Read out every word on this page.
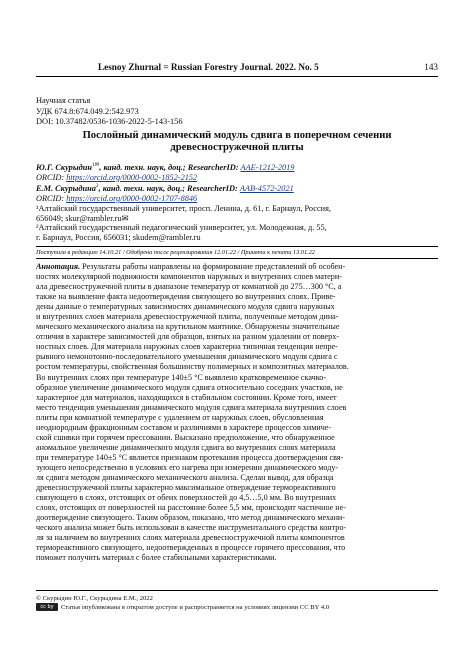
Lesnoy Zhurnal = Russian Forestry Journal. 2022. No. 5	143
Научная статья
УДК 674.8:674.049.2:542.973
DOI: 10.37482/0536-1036-2022-5-143-156
Послойный динамический модуль сдвига в поперечном сечении
древесностружечной плиты
Ю.Г. Скурыдин$^{1✉}$, канд. техн. наук, доц.; ResearcherID: AAE-1212-2019
ORCID: https://orcid.org/0000-0002-1852-2152
Е.М. Скурыдина$^2$, канд. техн. наук, доц.; ResearcherID: AAB-4572-2021
ORCID: https://orcid.org/0000-0002-1707-8846
¹Алтайский государственный университет, просп. Ленина, д. 61, г. Барнаул, Россия,
656049; skur@rambler.ru✉
²Алтайский государственный педагогический университет, ул. Молодежная, д. 55,
г. Барнаул, Россия, 656031; skudem@rambler.ru
Поступила в редакцию 14.10.21 / Одобрена после рецензирования 12.01.22 / Принята к печати 13.01.22
Аннотация. Результаты работы направлены на формирование представлений об особен-
ностях молекулярной подвижности компонентов наружных и внутренних слоев матери-
ала древесностружечной плиты в диапазоне температур от комнатной до 275…300 °С, а
также на выявление факта недоотверждения связующего во внутренних слоях. Приве-
дены данные о температурных зависимостях динамического модуля сдвига наружных
и внутренних слоев материала древесностружечной плиты, полученные методом дина-
мического механического анализа на крутильном маятнике. Обнаружены значительные
отличия в характере зависимостей для образцов, взятых на разном удалении от поверх-
ностных слоев. Для материала наружных слоев характерна типичная тенденция непре-
рывного немонотонно-последовательного уменьшения динамического модуля сдвига с
ростом температуры, свойственная большинству полимерных и композитных материалов.
Во внутренних слоях при температуре 140±5 °С выявлено кратковременное скачко-
образное увеличение динамического модуля сдвига относительно соседних участков, не
характерное для материалов, находящихся в стабильном состоянии. Кроме того, имеет
место тенденция уменьшения динамического модуля сдвига материала внутренних слоев
плиты при комнатной температуре с удалением от наружных слоев, обусловленная
неоднородным фракционным составом и различиями в характере процессов химиче-
ской сшивки при горячем прессовании. Высказано предположение, что обнаруженное
аномальное увеличение динамического модуля сдвига во внутренних слоях материала
при температуре 140±5 °С является признаком протекания процесса доотверждения свя-
зующего непосредственно в условиях его нагрева при измерении динамического моду-
ля сдвига методом динамического механического анализа. Сделан вывод, для образца
древесностружечной плиты характерно максимальное отверждение термореактивного
связующего в слоях, отстоящих от обеих поверхностей до 4,5…5,0 мм. Во внутренних
слоях, отстоящих от поверхностей на расстояние более 5,5 мм, происходит частичное не-
доотверждение связующего. Таким образом, показано, что метод динамического механи-
ческого анализа может быть использован в качестве инструментального средства контро-
ля за наличием во внутренних слоях материала древесностружечной плиты компонентов
термореактивного связующего, недоотвержденных в процессе горячего прессования, что
поможет получить материал с более стабильными характеристиками.
© Скурыдин Ю.Г., Скурыдина Е.М., 2022
cc by Статья опубликована в открытом доступе и распространяется на условиях лицензии CC BY 4.0
